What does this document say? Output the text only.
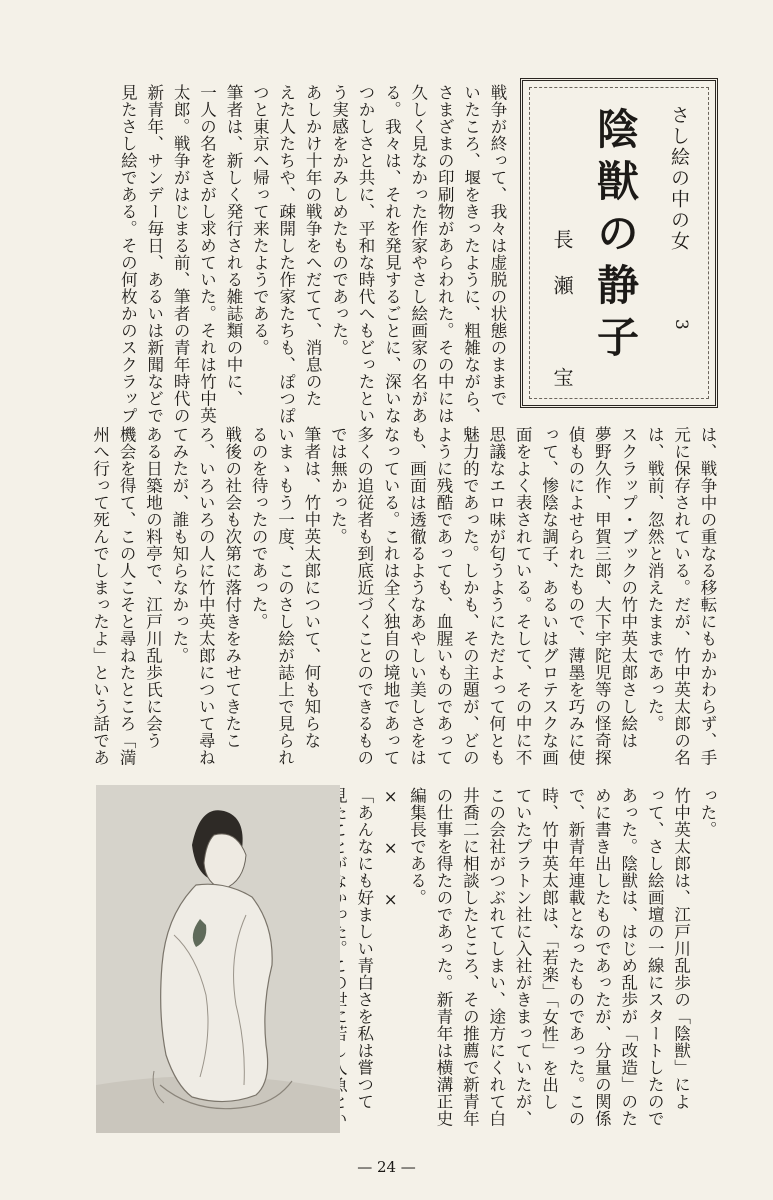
さし絵の中の女
3
陰獣の静子
長瀬　宝

戦争が終って、我々は虚脱の状態のままで

いたころ、堰をきったように、粗雑ながら、

さまざまの印刷物があらわれた。その中には

久しく見なかった作家やさし絵画家の名があ

る。我々は、それを発見するごとに、深いな

つかしさと共に、平和な時代へもどったとい

う実感をかみしめたものであった。

あしかけ十年の戦争をへだてて、消息のた

えた人たちや、疎開した作家たちも、ぽつぽ

つと東京へ帰って来たようである。

筆者は、新しく発行される雑誌類の中に、

一人の名をさがし求めていた。それは竹中英

太郎。戦争がはじまる前、筆者の青年時代の

新青年、サンデー毎日、あるいは新聞などで

見たさし絵である。その何枚かのスクラップ

は、戦争中の重なる移転にもかかわらず、手

元に保存されている。だが、竹中英太郎の名

は、戦前、忽然と消えたままであった。

スクラップ・ブックの竹中英太郎さし絵は

夢野久作、甲賀三郎、大下宇陀児等の怪奇探

偵ものによせられたもので、薄墨を巧みに使

って、惨陰な調子、あるいはグロテスクな画

面をよく表されている。そして、その中に不

思議なエロ味が匂うようにただよって何とも

魅力的であった。しかも、その主題が、どの

ように残酷であっても、血腥いものであって

も、画面は透徹るようなあやしい美しさをは

なっている。これは全く独自の境地であって

多くの追従者も到底近づくことのできるもの

では無かった。

筆者は、竹中英太郎について、何も知らな

いまゝもう一度、このさし絵が誌上で見られ

るのを待ったのであった。

戦後の社会も次第に落付きをみせてきたこ

ろ、いろいろの人に竹中英太郎について尋ね

てみたが、誰も知らなかった。

ある日築地の料亭で、江戸川乱歩氏に会う

機会を得て、この人こそと尋ねたところ「満

州へ行って死んでしまったよ」という話であ

った。

竹中英太郎は、江戸川乱歩の「陰獣」によ

って、さし絵画壇の一線にスタートしたので

あった。陰獣は、はじめ乱歩が「改造」のた

めに書き出したものであったが、分量の関係

で、新青年連載となったものであった。この

時、竹中英太郎は、「若楽」「女性」を出し

ていたプラトン社に入社がきまっていたが、

この会社がつぶれてしまい、途方にくれて白

井喬二に相談したところ、その推薦で新青年

の仕事を得たのであった。新青年は横溝正史

編集長である。

×　×　×

「あんなにも好ましい青白さを私は嘗つて

— 24 —
